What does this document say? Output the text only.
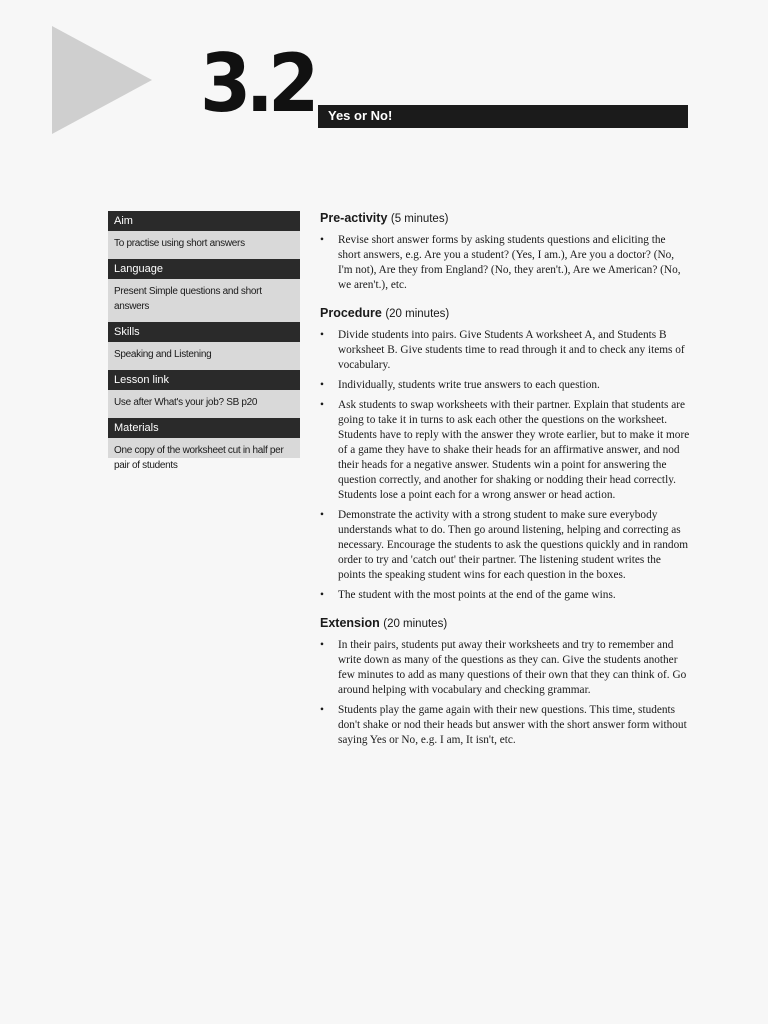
3.2 Yes or No!
Aim
To practise using short answers
Language
Present Simple questions and short answers
Skills
Speaking and Listening
Lesson link
Use after What's your job? SB p20
Materials
One copy of the worksheet cut in half per pair of students
Pre-activity (5 minutes)
• Revise short answer forms by asking students questions and eliciting the short answers, e.g. Are you a student? (Yes, I am.), Are you a doctor? (No, I'm not), Are they from England? (No, they aren't.), Are we American? (No, we aren't.), etc.
Procedure (20 minutes)
• Divide students into pairs. Give Students A worksheet A, and Students B worksheet B. Give students time to read through it and to check any items of vocabulary.
• Individually, students write true answers to each question.
• Ask students to swap worksheets with their partner. Explain that students are going to take it in turns to ask each other the questions on the worksheet. Students have to reply with the answer they wrote earlier, but to make it more of a game they have to shake their heads for an affirmative answer, and nod their heads for a negative answer. Students win a point for answering the question correctly, and another for shaking or nodding their head correctly. Students lose a point each for a wrong answer or head action.
• Demonstrate the activity with a strong student to make sure everybody understands what to do. Then go around listening, helping and correcting as necessary. Encourage the students to ask the questions quickly and in random order to try and 'catch out' their partner. The listening student writes the points the speaking student wins for each question in the boxes.
• The student with the most points at the end of the game wins.
Extension (20 minutes)
• In their pairs, students put away their worksheets and try to remember and write down as many of the questions as they can. Give the students another few minutes to add as many questions of their own that they can think of. Go around helping with vocabulary and checking grammar.
• Students play the game again with their new questions. This time, students don't shake or nod their heads but answer with the short answer form without saying Yes or No, e.g. I am, It isn't, etc.
